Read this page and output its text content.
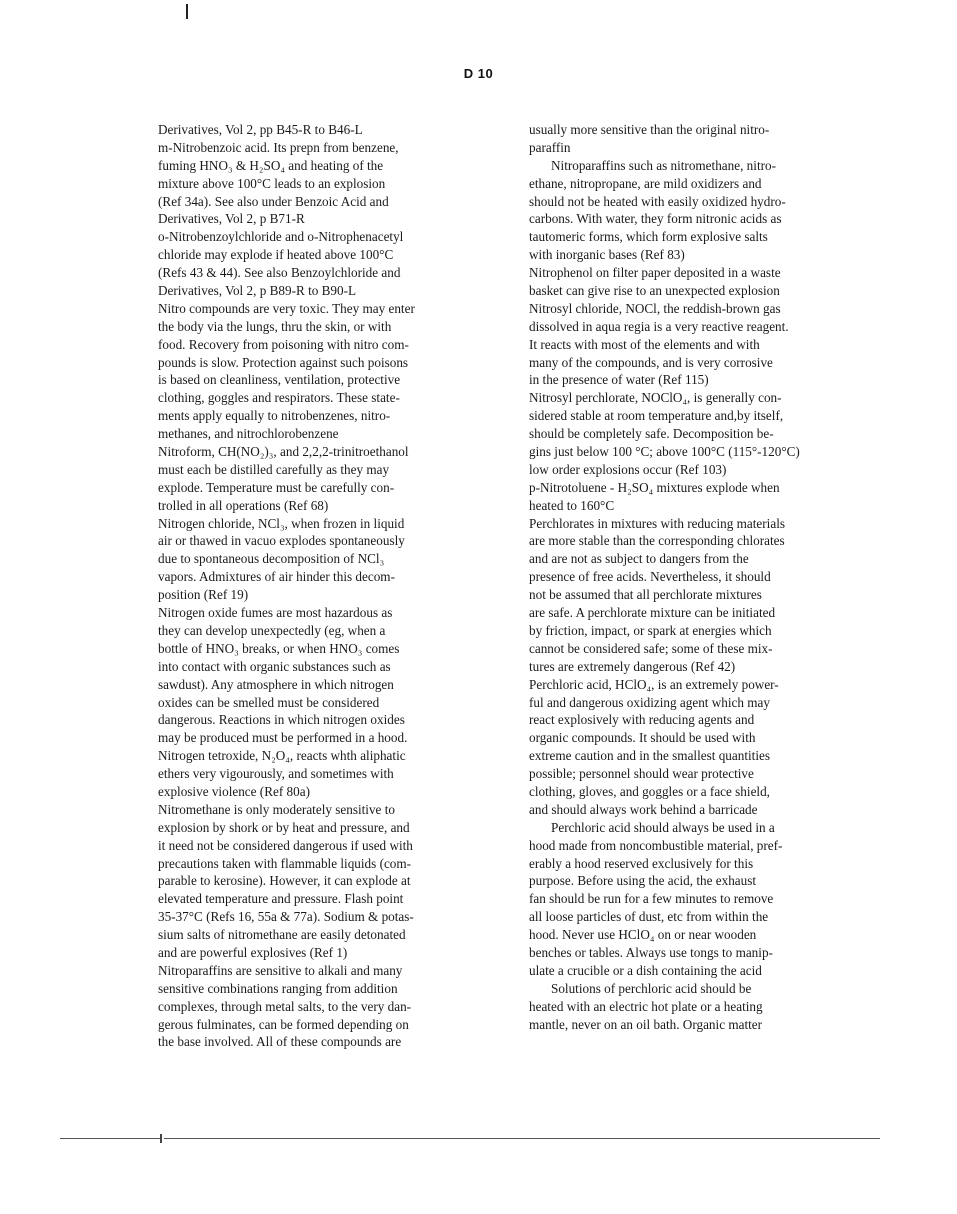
D 10
Derivatives, Vol 2, pp B45-R to B46-L
m-Nitrobenzoic acid. Its prepn from benzene,
fuming HNO₃ & H₂SO₄ and heating of the
mixture above 100°C leads to an explosion
(Ref 34a). See also under Benzoic Acid and
Derivatives, Vol 2, p B71-R
o-Nitrobenzoylchloride and o-Nitrophenacetyl
chloride may explode if heated above 100°C
(Refs 43 & 44). See also Benzoylchloride and
Derivatives, Vol 2, p B89-R to B90-L
Nitro compounds are very toxic. They may enter
the body via the lungs, thru the skin, or with
food. Recovery from poisoning with nitro com-
pounds is slow. Protection against such poisons
is based on cleanliness, ventilation, protective
clothing, goggles and respirators. These state-
ments apply equally to nitrobenzenes, nitro-
methanes, and nitrochlorobenzene
Nitroform, CH(NO₂)₃, and 2,2,2-trinitroethanol
must each be distilled carefully as they may
explode. Temperature must be carefully con-
trolled in all operations (Ref 68)
Nitrogen chloride, NCl₃, when frozen in liquid
air or thawed in vacuo explodes spontaneously
due to spontaneous decomposition of NCl₃
vapors. Admixtures of air hinder this decom-
position (Ref 19)
Nitrogen oxide fumes are most hazardous as
they can develop unexpectedly (eg, when a
bottle of HNO₃ breaks, or when HNO₃ comes
into contact with organic substances such as
sawdust). Any atmosphere in which nitrogen
oxides can be smelled must be considered
dangerous. Reactions in which nitrogen oxides
may be produced must be performed in a hood.
Nitrogen tetroxide, N₂O₄, reacts whth aliphatic
ethers very vigourously, and sometimes with
explosive violence (Ref 80a)
Nitromethane is only moderately sensitive to
explosion by shork or by heat and pressure, and
it need not be considered dangerous if used with
precautions taken with flammable liquids (com-
parable to kerosine). However, it can explode at
elevated temperature and pressure. Flash point
35-37°C (Refs 16, 55a & 77a). Sodium & potas-
sium salts of nitromethane are easily detonated
and are powerful explosives (Ref 1)
Nitroparaffins are sensitive to alkali and many
sensitive combinations ranging from addition
complexes, through metal salts, to the very dan-
gerous fulminates, can be formed depending on
the base involved. All of these compounds are
usually more sensitive than the original nitro-
paraffin
Nitroparaffins such as nitromethane, nitro-
ethane, nitropropane, are mild oxidizers and
should not be heated with easily oxidized hydro-
carbons. With water, they form nitronic acids as
tautomeric forms, which form explosive salts
with inorganic bases (Ref 83)
Nitrophenol on filter paper deposited in a waste
basket can give rise to an unexpected explosion
Nitrosyl chloride, NOCl, the reddish-brown gas
dissolved in aqua regia is a very reactive reagent.
It reacts with most of the elements and with
many of the compounds, and is very corrosive
in the presence of water (Ref 115)
Nitrosyl perchlorate, NOClO₄, is generally con-
sidered stable at room temperature and,by itself,
should be completely safe. Decomposition be-
gins just below 100 °C; above 100°C (115°-120°C)
low order explosions occur (Ref 103)
p-Nitrotoluene - H₂SO₄ mixtures explode when
heated to 160°C
Perchlorates in mixtures with reducing materials
are more stable than the corresponding chlorates
and are not as subject to dangers from the
presence of free acids. Nevertheless, it should
not be assumed that all perchlorate mixtures
are safe. A perchlorate mixture can be initiated
by friction, impact, or spark at energies which
cannot be considered safe; some of these mix-
tures are extremely dangerous (Ref 42)
Perchloric acid, HClO₄, is an extremely power-
ful and dangerous oxidizing agent which may
react explosively with reducing agents and
organic compounds. It should be used with
extreme caution and in the smallest quantities
possible; personnel should wear protective
clothing, gloves, and goggles or a face shield,
and should always work behind a barricade
Perchloric acid should always be used in a
hood made from noncombustible material, pref-
erably a hood reserved exclusively for this
purpose. Before using the acid, the exhaust
fan should be run for a few minutes to remove
all loose particles of dust, etc from within the
hood. Never use HClO₄ on or near wooden
benches or tables. Always use tongs to manip-
ulate a crucible or a dish containing the acid
Solutions of perchloric acid should be
heated with an electric hot plate or a heating
mantle, never on an oil bath. Organic matter
